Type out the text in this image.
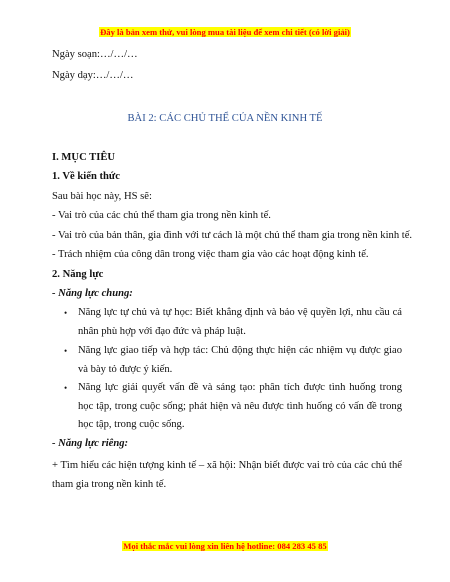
Đây là bản xem thử, vui lòng mua tài liệu để xem chi tiết (có lời giải)
Ngày soạn:…/…/…
Ngày dạy:…/…/…
BÀI 2: CÁC CHỦ THỂ CỦA NỀN KINH TẾ
I. MỤC TIÊU
1. Về kiến thức
Sau bài học này, HS sẽ:
- Vai trò của các chủ thể tham gia trong nền kinh tế.
- Vai trò của bản thân, gia đình với tư cách là một chủ thể tham gia trong nền kinh tế.
- Trách nhiệm của công dân trong việc tham gia vào các hoạt động kinh tế.
2. Năng lực
- Năng lực chung:
• Năng lực tự chủ và tự học: Biết khẳng định và bảo vệ quyền lợi, nhu cầu cá nhân phù hợp với đạo đức và pháp luật.
• Năng lực giao tiếp và hợp tác: Chủ động thực hiện các nhiệm vụ được giao và bày tỏ được ý kiến.
• Năng lực giải quyết vấn đề và sáng tạo: phân tích được tình huống trong học tập, trong cuộc sống; phát hiện và nêu được tình huống có vấn đề trong học tập, trong cuộc sống.
- Năng lực riêng:
+ Tìm hiểu các hiện tượng kinh tế – xã hội: Nhận biết được vai trò của các chủ thể tham gia trong nền kinh tế.
Mọi thắc mắc vui lòng xin liên hệ hotline: 084 283 45 85
